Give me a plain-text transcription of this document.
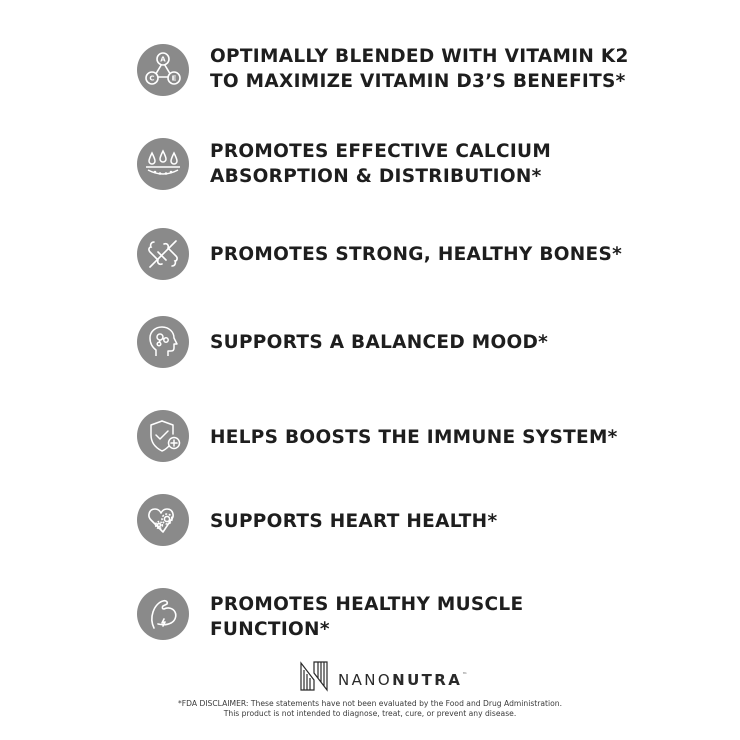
A
C E
OPTIMALLY BLENDED WITH VITAMIN K2
TO MAXIMIZE VITAMIN D3’S BENEFITS*
PROMOTES EFFECTIVE CALCIUM
ABSORPTION & DISTRIBUTION*
PROMOTES STRONG, HEALTHY BONES*
SUPPORTS A BALANCED MOOD*
HELPS BOOSTS THE IMMUNE SYSTEM*
SUPPORTS HEART HEALTH*
PROMOTES HEALTHY MUSCLE
FUNCTION*
NANONUTRA™
*FDA DISCLAIMER: These statements have not been evaluated by the Food and Drug Administration.
This product is not intended to diagnose, treat, cure, or prevent any disease.
